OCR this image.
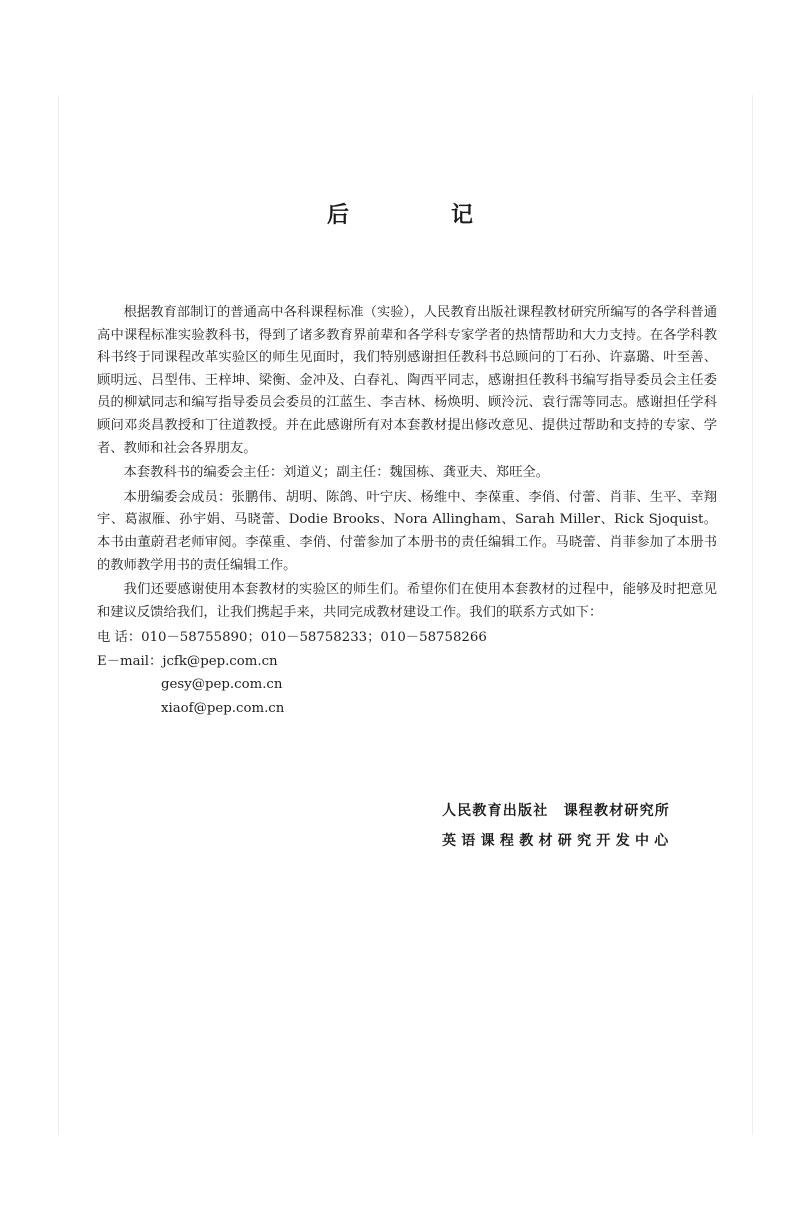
后　记

根据教育部制订的普通高中各科课程标准（实验），人民教育出版社课程教材研究所编写的各学科普通高中课程标准实验教科书，得到了诸多教育界前辈和各学科专家学者的热情帮助和大力支持。在各学科教科书终于同课程改革实验区的师生见面时，我们特别感谢担任教科书总顾问的丁石孙、许嘉璐、叶至善、顾明远、吕型伟、王梓坤、梁衡、金冲及、白春礼、陶西平同志，感谢担任教科书编写指导委员会主任委员的柳斌同志和编写指导委员会委员的江蓝生、李吉林、杨焕明、顾泠沅、袁行霈等同志。感谢担任学科顾问邓炎昌教授和丁往道教授。并在此感谢所有对本套教材提出修改意见、提供过帮助和支持的专家、学者、教师和社会各界朋友。

本套教科书的编委会主任：刘道义；副主任：魏国栋、龚亚夫、郑旺全。

本册编委会成员：张鹏伟、胡明、陈鸽、叶宁庆、杨维中、李葆重、李俏、付蕾、肖菲、生平、幸翔宇、葛淑雁、孙宇娟、马晓蕾、Dodie Brooks、Nora Allingham、Sarah Miller、Rick Sjoquist。本书由董蔚君老师审阅。李葆重、李俏、付蕾参加了本册书的责任编辑工作。马晓蕾、肖菲参加了本册书的教师教学用书的责任编辑工作。

我们还要感谢使用本套教材的实验区的师生们。希望你们在使用本套教材的过程中，能够及时把意见和建议反馈给我们，让我们携起手来，共同完成教材建设工作。我们的联系方式如下：

电 话：010－58755890；010－58758233；010－58758266

E－mail：jcfk@pep.com.cn

gesy@pep.com.cn

xiaof@pep.com.cn

人民教育出版社　课程教材研究所
英语课程教材研究开发中心
